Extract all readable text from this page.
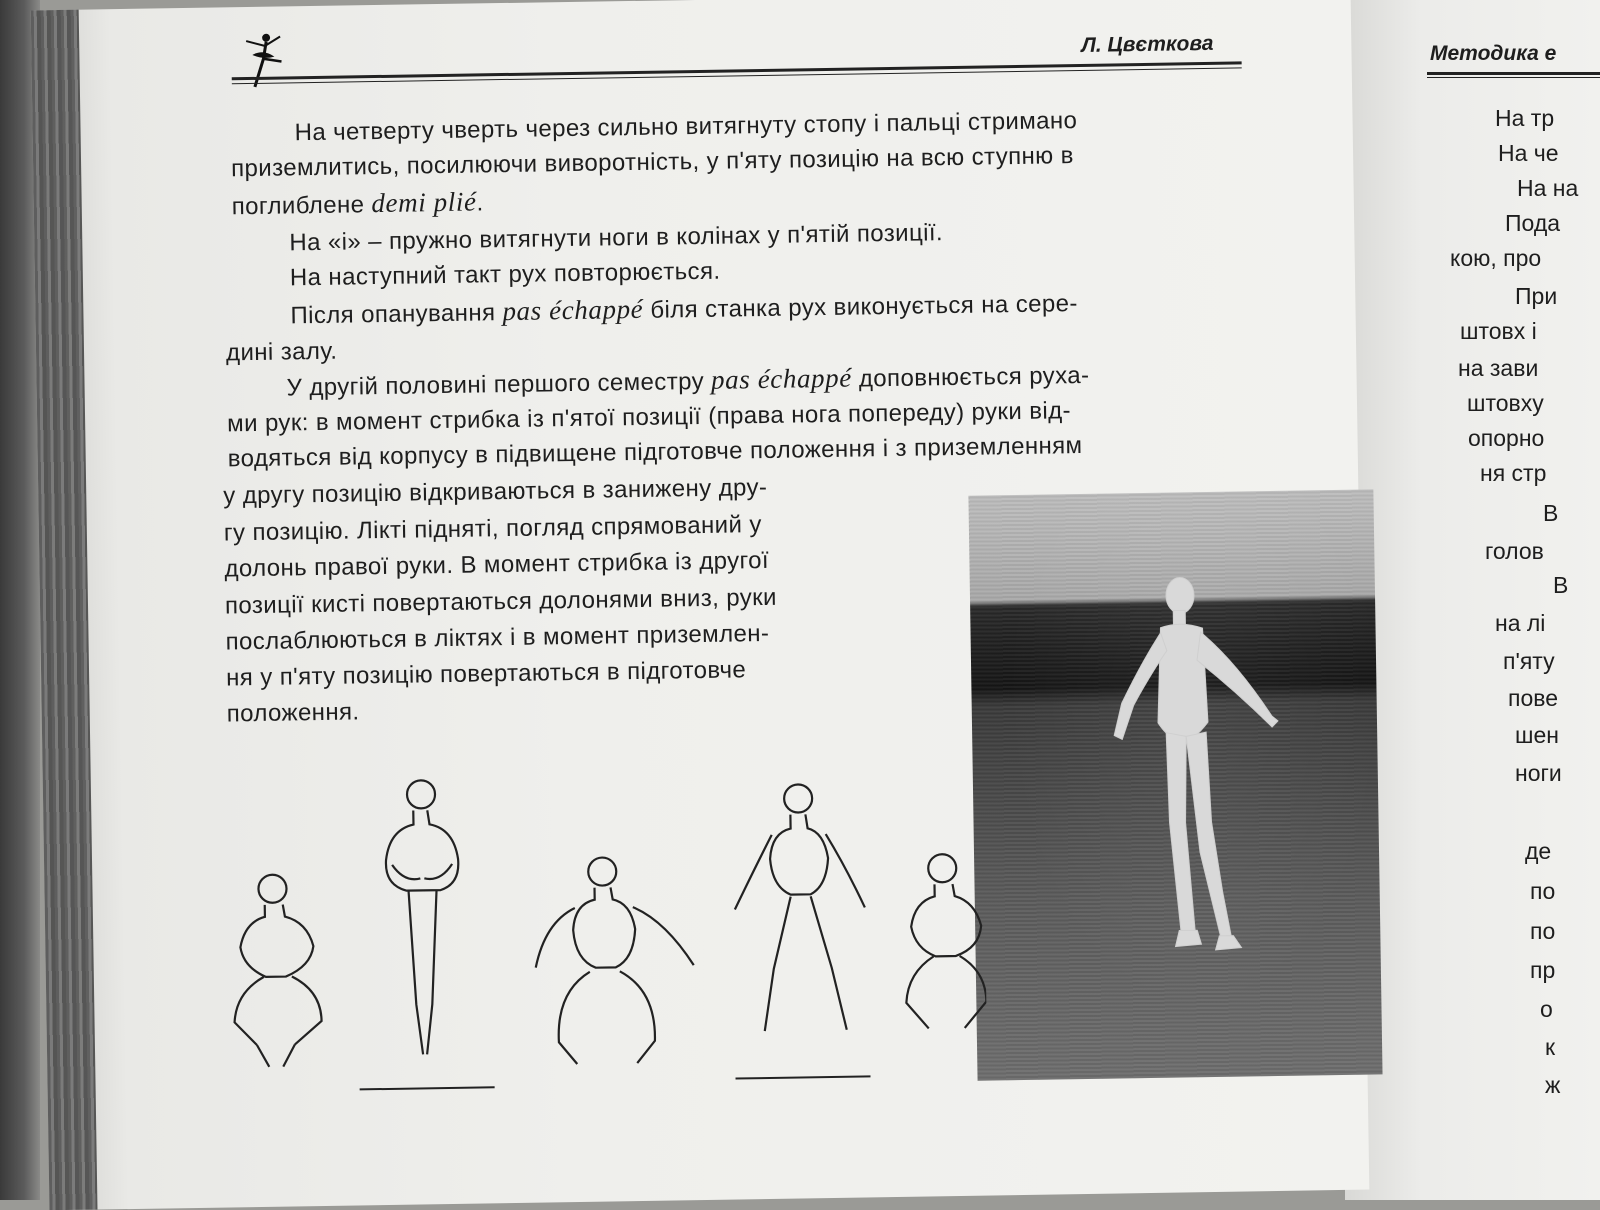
Методика е
На тр
На че
На на
Пода
кою, про
При
штовх і
на зави
штовху
опорно
ня стр
В
голов
В
на лі
п'яту
пове
шен
ноги
де
по
по
пр
о
к
ж
Л. Цвєткова
На четверту чверть через сильно витягнуту стопу і пальці стримано
приземлитись, посилюючи виворотність, у п'яту позицію на всю ступню в
поглиблене demi plié.
На «і» – пружно витягнути ноги в колінах у п'ятій позиції.
На наступний такт рух повторюється.
Після опанування pas échappé біля станка рух виконується на сере-
дині залу.
У другій половині першого семестру pas échappé доповнюється руха-
ми рук: в момент стрибка із п'ятої позиції (права нога попереду) руки від-
водяться від корпусу в підвищене підготовче положення і з приземленням
у другу позицію відкриваються в занижену дру-
гу позицію. Лікті підняті, погляд спрямований у
долонь правої руки. В момент стрибка із другої
позиції кисті повертаються долонями вниз, руки
послаблюються в ліктях і в момент приземлен-
ня у п'яту позицію повертаються в підготовче
положення.
